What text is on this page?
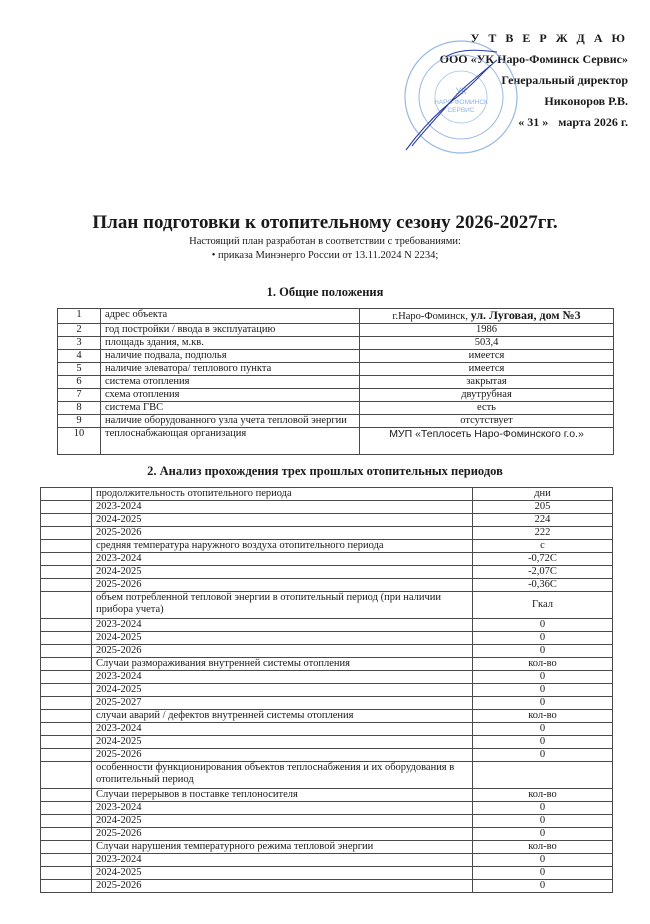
У Т В Е Р Ж Д А Ю
ООО «УК Наро-Фоминск Сервис»
Генеральный директор
Никоноров Р.В.
« 31 » марта 2026 г.
УК
НАРО-ФОМИНСК
СЕРВИС
План подготовки к отопительному сезону 2026-2027гг.
Настоящий план разработан в соответствии с требованиями:
• приказа Минэнерго России от 13.11.2024 N 2234;
1. Общие положения
1	адрес объекта	г.Наро-Фоминск, ул. Луговая, дом №3
2	год постройки / ввода в эксплуатацию	1986
3	площадь здания, м.кв.	503,4
4	наличие подвала, подполья	имеется
5	наличие элеватора/ теплового пункта	имеется
6	система отопления	закрытая
7	схема отопления	двутрубная
8	система ГВС	есть
9	наличие оборудованного узла учета тепловой энергии	отсутствует
10	теплоснабжающая организация	МУП «Теплосеть Наро-Фоминского г.о.»
2. Анализ прохождения трех прошлых отопительных периодов
	продолжительность отопительного периода	дни
	2023-2024	205
	2024-2025	224
	2025-2026	222
	средняя температура наружного воздуха отопительного периода	с
	2023-2024	-0,72С
	2024-2025	-2,07С
	2025-2026	-0,36С
	объем потребленной тепловой энергии в отопительный период (при наличии прибора учета)	Гкал
	2023-2024	0
	2024-2025	0
	2025-2026	0
	Случаи размораживания внутренней системы отопления	кол-во
	2023-2024	0
	2024-2025	0
	2025-2027	0
	случаи аварий / дефектов внутренней системы отопления	кол-во
	2023-2024	0
	2024-2025	0
	2025-2026	0
	особенности функционирования объектов теплоснабжения и их оборудования в отопительный период	
	Случаи перерывов в поставке теплоносителя	кол-во
	2023-2024	0
	2024-2025	0
	2025-2026	0
	Случаи нарушения температурного режима тепловой энергии	кол-во
	2023-2024	0
	2024-2025	0
	2025-2026	0
